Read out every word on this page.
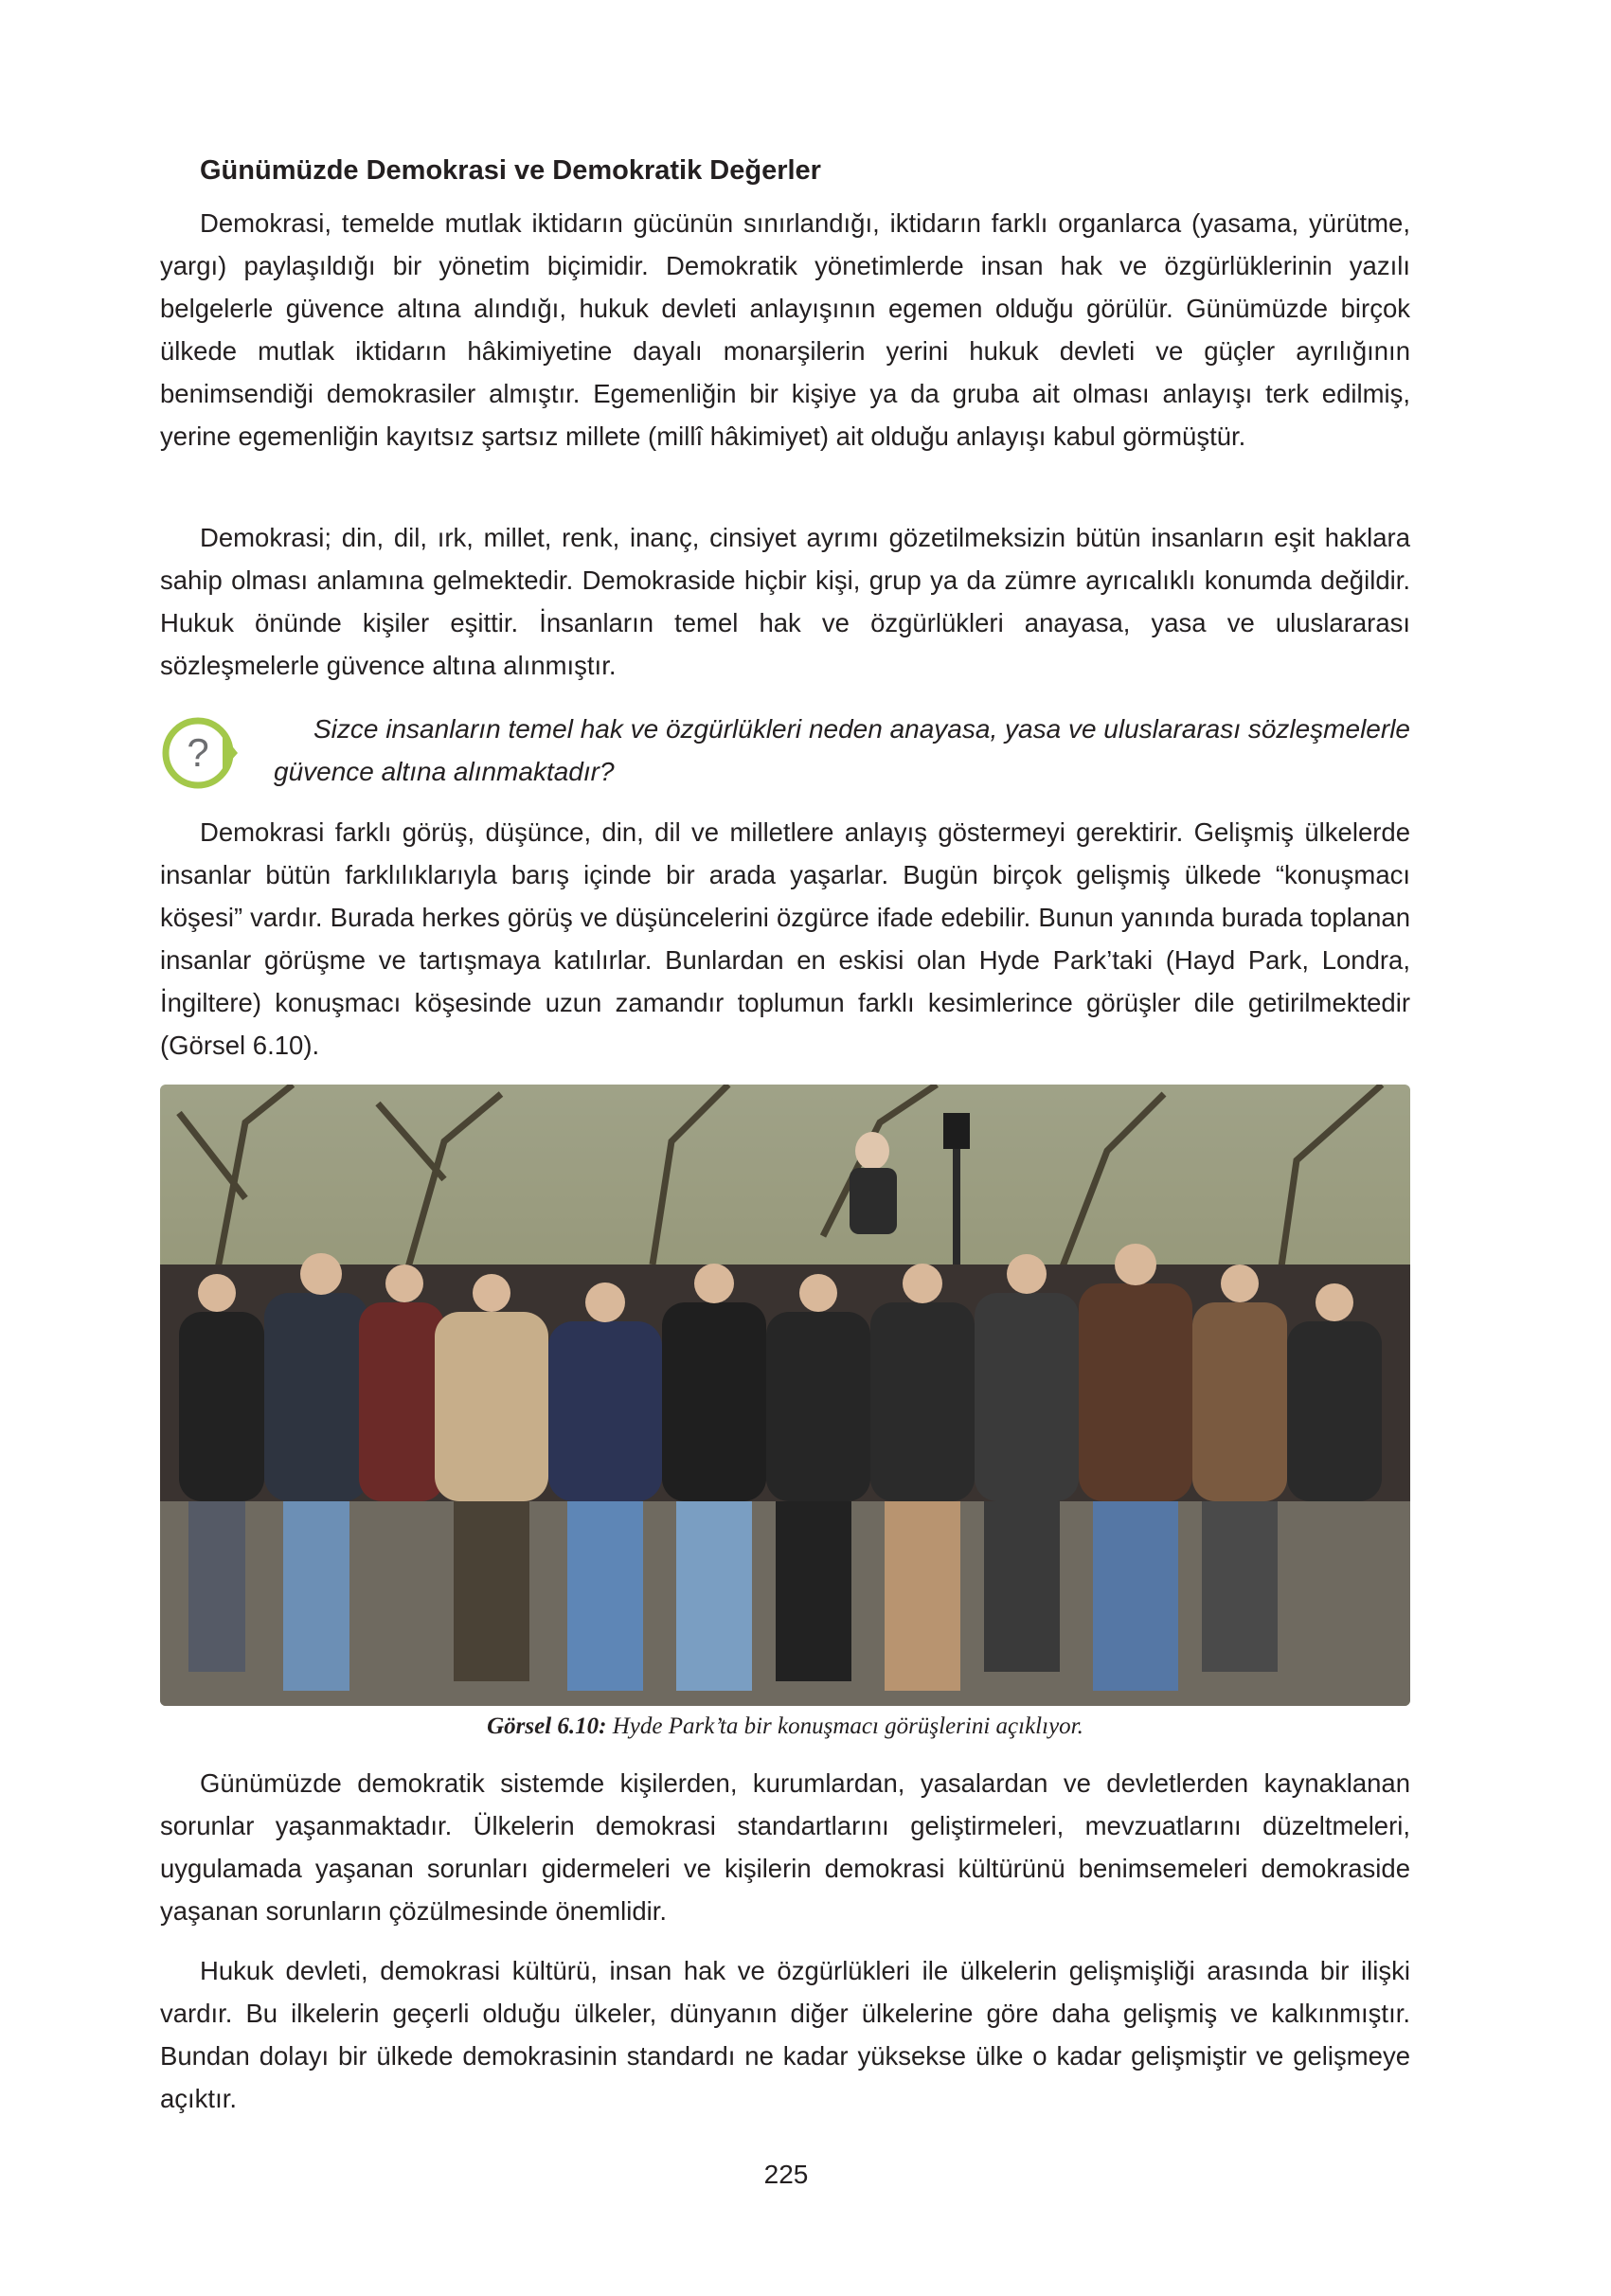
Günümüzde Demokrasi ve Demokratik Değerler

Demokrasi, temelde mutlak iktidarın gücünün sınırlandığı, iktidarın farklı organlarca (yasama, yürütme, yargı) paylaşıldığı bir yönetim biçimidir. Demokratik yönetimlerde insan hak ve özgürlüklerinin yazılı belgelerle güvence altına alındığı, hukuk devleti anlayışının egemen olduğu görülür. Günümüzde birçok ülkede mutlak iktidarın hâkimiyetine dayalı monarşilerin yerini hukuk devleti ve güçler ayrılığının benimsendiği demokrasiler almıştır. Egemenliğin bir kişiye ya da gruba ait olması anlayışı terk edilmiş, yerine egemenliğin kayıtsız şartsız millete (millî hâkimiyet) ait olduğu anlayışı kabul görmüştür.

Demokrasi; din, dil, ırk, millet, renk, inanç, cinsiyet ayrımı gözetilmeksizin bütün insanların eşit haklara sahip olması anlamına gelmektedir. Demokraside hiçbir kişi, grup ya da zümre ayrıcalıklı konumda değildir. Hukuk önünde kişiler eşittir. İnsanların temel hak ve özgürlükleri anayasa, yasa ve uluslararası sözleşmelerle güvence altına alınmıştır.

?

Sizce insanların temel hak ve özgürlükleri neden anayasa, yasa ve uluslararası sözleşmelerle güvence altına alınmaktadır?

Demokrasi farklı görüş, düşünce, din, dil ve milletlere anlayış göstermeyi gerektirir. Gelişmiş ülkelerde insanlar bütün farklılıklarıyla barış içinde bir arada yaşarlar. Bugün birçok gelişmiş ülkede “konuşmacı köşesi” vardır. Burada herkes görüş ve düşüncelerini özgürce ifade edebilir. Bunun yanında burada toplanan insanlar görüşme ve tartışmaya katılırlar. Bunlardan en eskisi olan Hyde Park’taki (Hayd Park, Londra, İngiltere) konuşmacı köşesinde uzun zamandır toplumun farklı kesimlerince görüşler dile getirilmektedir (Görsel 6.10).

Görsel 6.10: Hyde Park’ta bir konuşmacı görüşlerini açıklıyor.

Günümüzde demokratik sistemde kişilerden, kurumlardan, yasalardan ve devletlerden kaynaklanan sorunlar yaşanmaktadır. Ülkelerin demokrasi standartlarını geliştirmeleri, mevzuatlarını düzeltmeleri, uygulamada yaşanan sorunları gidermeleri ve kişilerin demokrasi kültürünü benimsemeleri demokraside yaşanan sorunların çözülmesinde önemlidir.

Hukuk devleti, demokrasi kültürü, insan hak ve özgürlükleri ile ülkelerin gelişmişliği arasında bir ilişki vardır. Bu ilkelerin geçerli olduğu ülkeler, dünyanın diğer ülkelerine göre daha gelişmiş ve kalkınmıştır. Bundan dolayı bir ülkede demokrasinin standardı ne kadar yüksekse ülke o kadar gelişmiştir ve gelişmeye açıktır.

225
